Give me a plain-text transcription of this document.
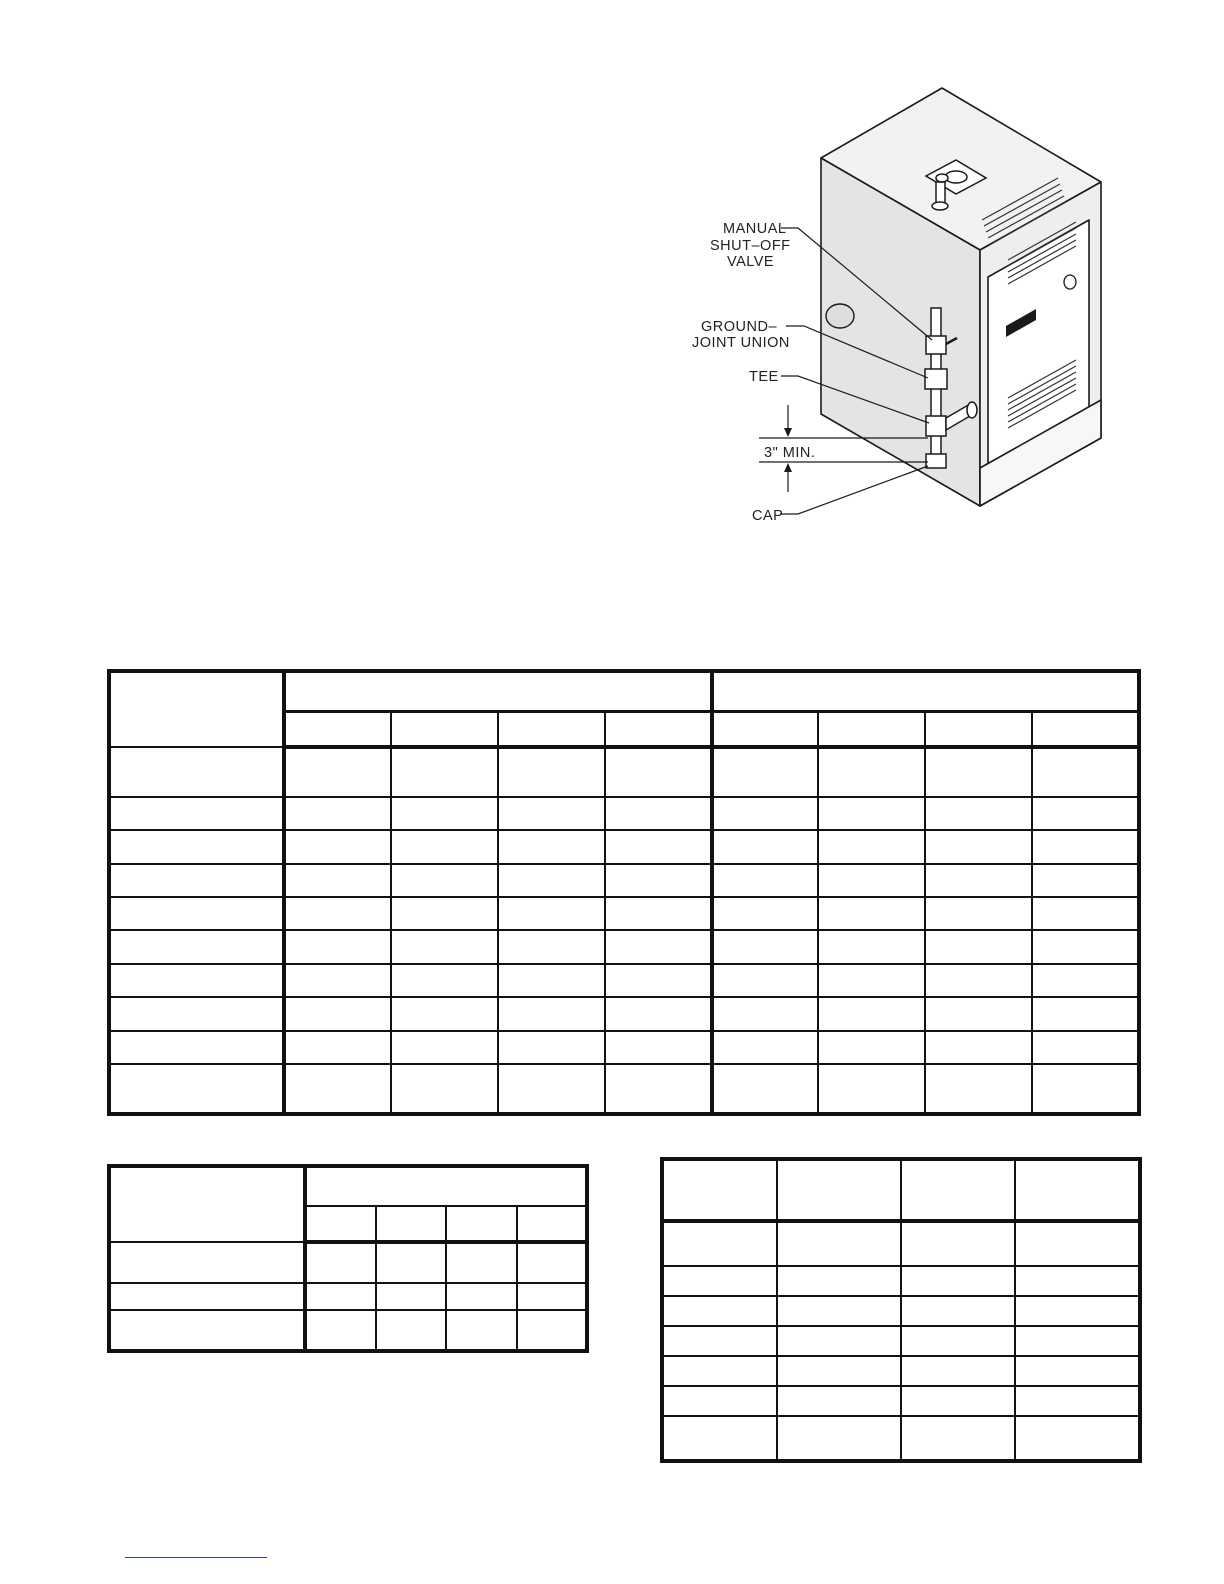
MANUAL
SHUT–OFF
VALVE
GROUND–
JOINT UNION
TEE
3" MIN.
CAP
